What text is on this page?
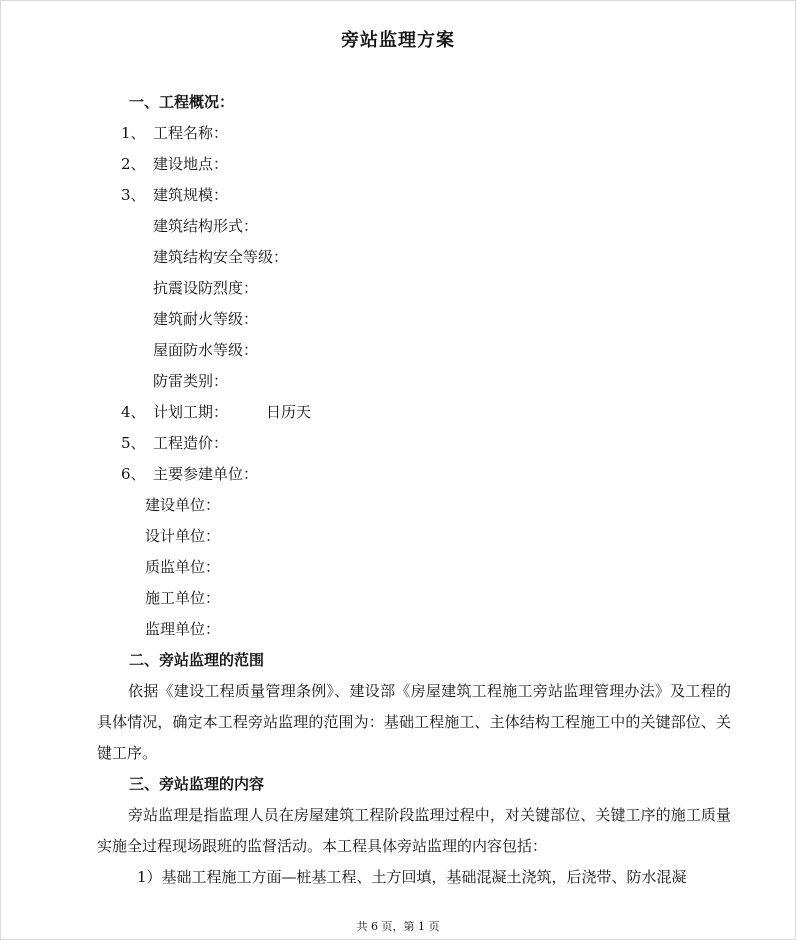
旁站监理方案
一、工程概况：
1、 工程名称：
2、 建设地点：
3、 建筑规模：
建筑结构形式：
建筑结构安全等级：
抗震设防烈度：
建筑耐火等级：
屋面防水等级：
防雷类别：
4、 计划工期：	日历天
5、 工程造价：
6、 主要参建单位：
建设单位：
设计单位：
质监单位：
施工单位：
监理单位：
二、旁站监理的范围
依据《建设工程质量管理条例》、建设部《房屋建筑工程施工旁站监理管理办法》及工程的具体情况，确定本工程旁站监理的范围为：基础工程施工、主体结构工程施工中的关键部位、关键工序。
三、旁站监理的内容
旁站监理是指监理人员在房屋建筑工程阶段监理过程中，对关键部位、关键工序的施工质量实施全过程现场跟班的监督活动。本工程具体旁站监理的内容包括：
1）基础工程施工方面—桩基工程、土方回填，基础混凝土浇筑，后浇带、防水混凝
共 6 页，第 1 页
